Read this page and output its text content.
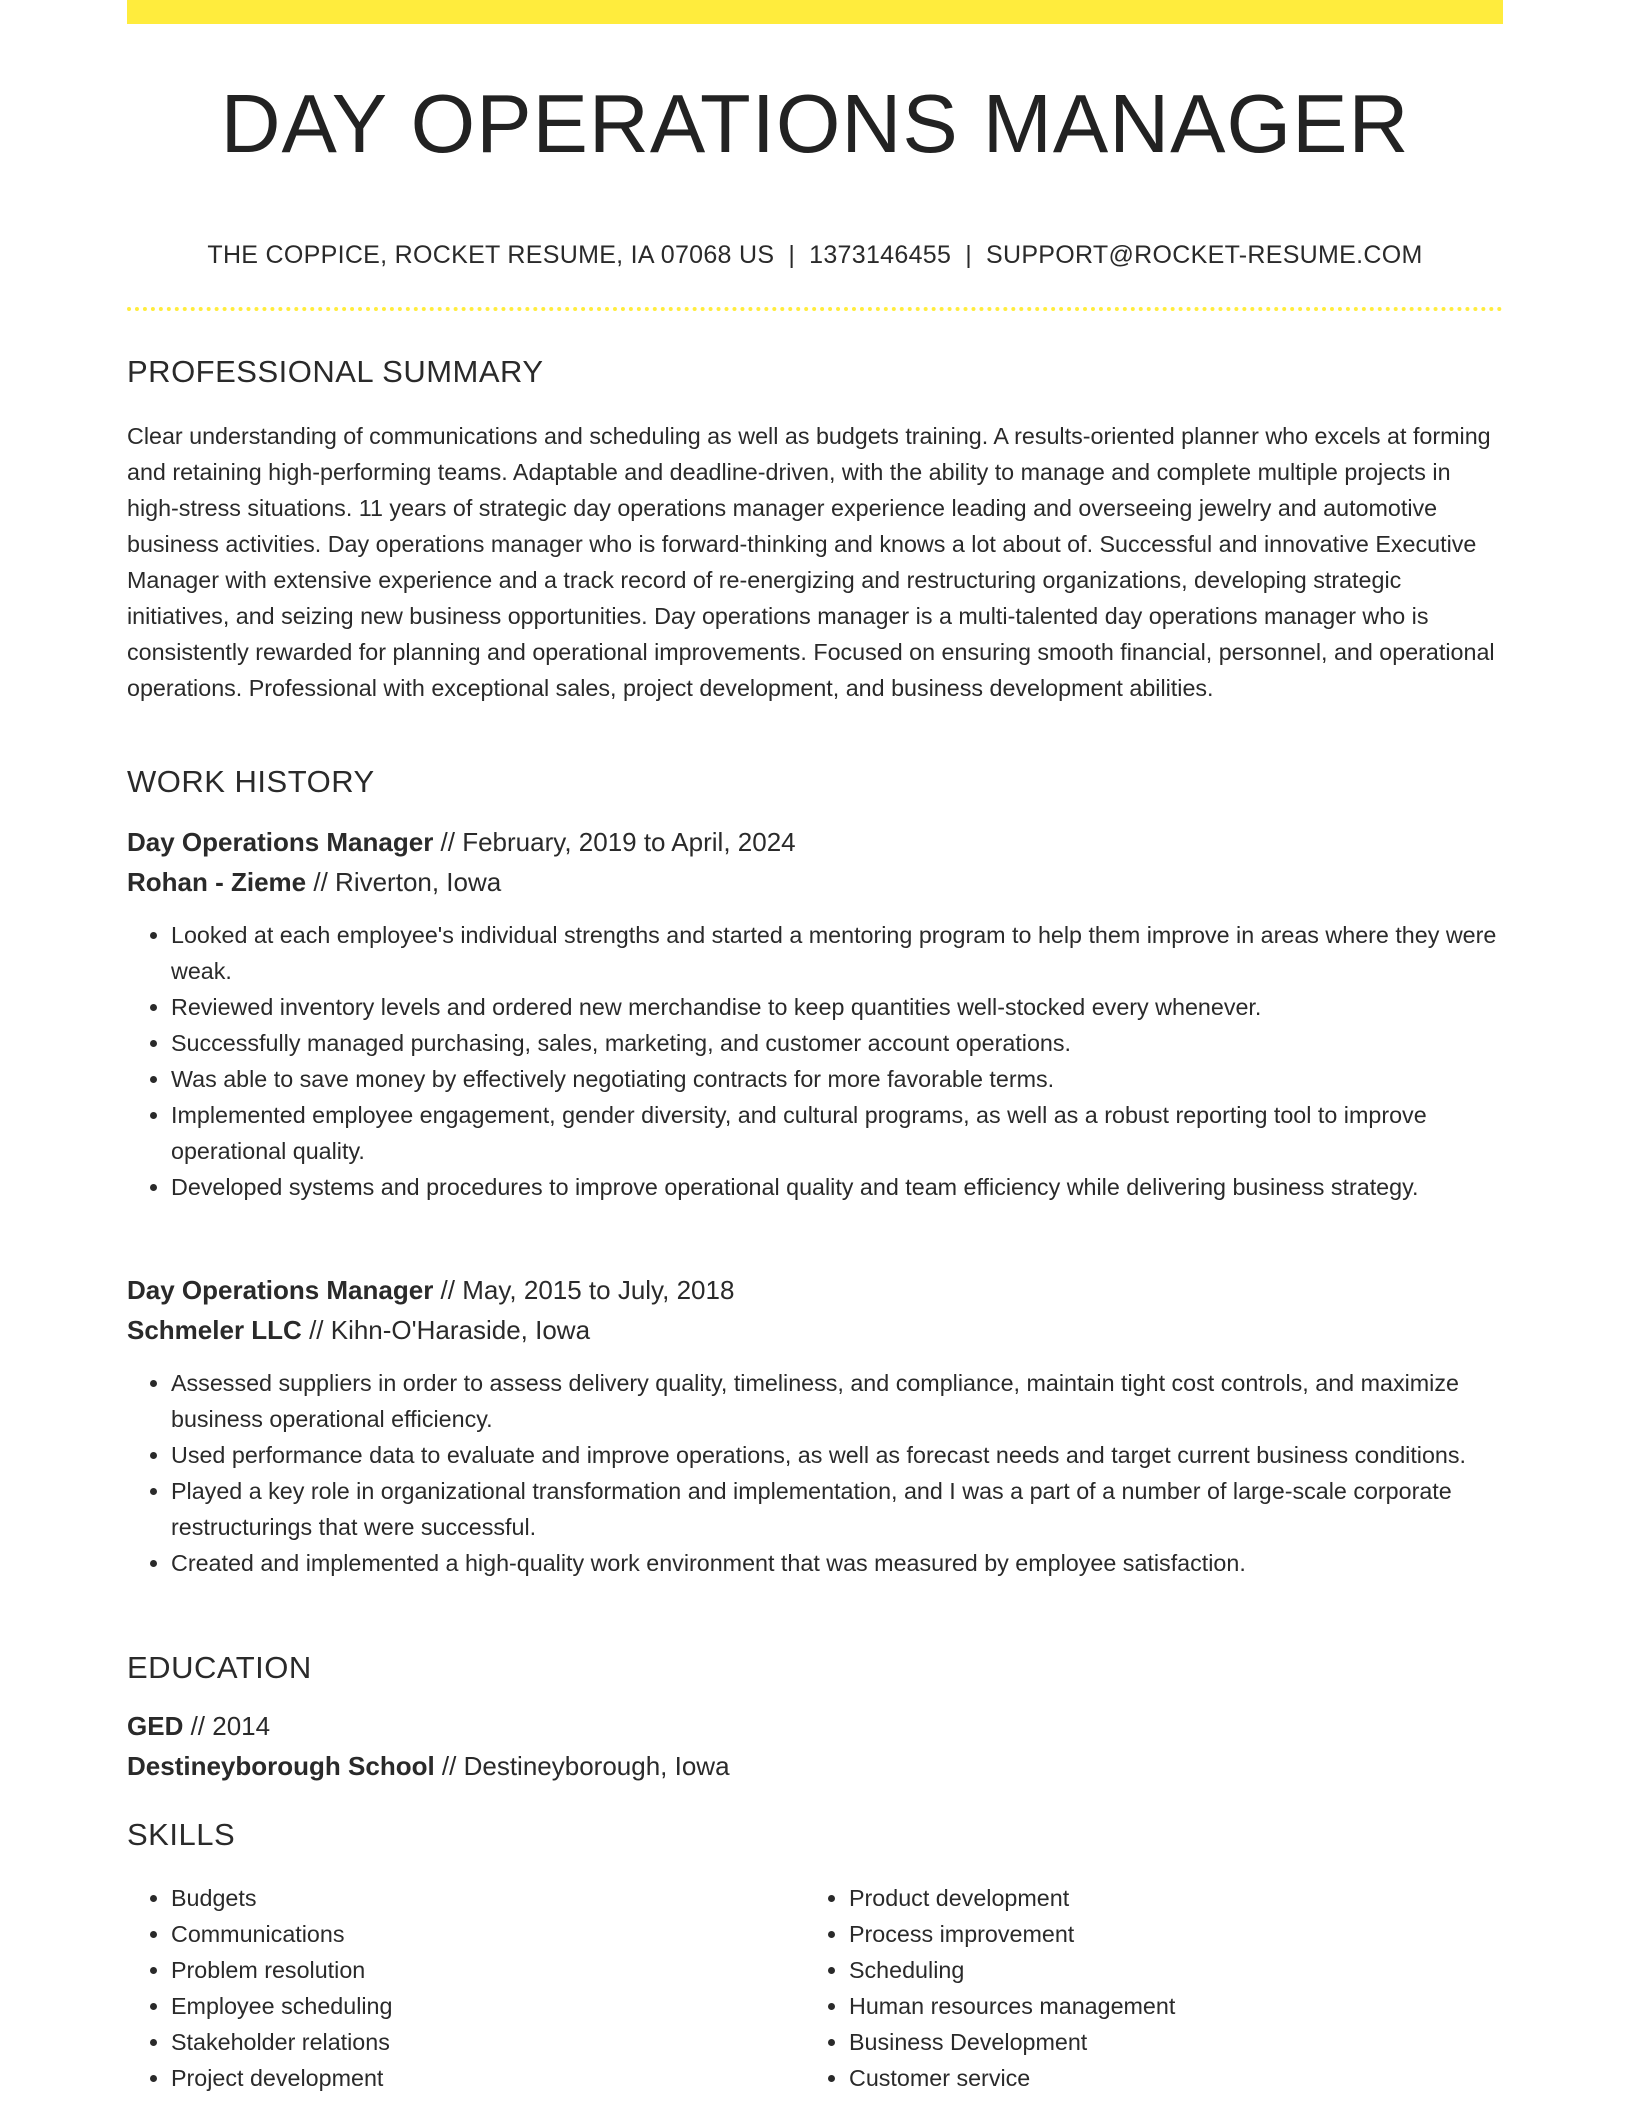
DAY OPERATIONS MANAGER
THE COPPICE, ROCKET RESUME, IA 07068 US | 1373146455 | SUPPORT@ROCKET-RESUME.COM
PROFESSIONAL SUMMARY

Clear understanding of communications and scheduling as well as budgets training. A results-oriented planner who excels at forming and retaining high-performing teams. Adaptable and deadline-driven, with the ability to manage and complete multiple projects in high-stress situations. 11 years of strategic day operations manager experience leading and overseeing jewelry and automotive business activities. Day operations manager who is forward-thinking and knows a lot about of. Successful and innovative Executive Manager with extensive experience and a track record of re-energizing and restructuring organizations, developing strategic initiatives, and seizing new business opportunities. Day operations manager is a multi-talented day operations manager who is consistently rewarded for planning and operational improvements. Focused on ensuring smooth financial, personnel, and operational operations. Professional with exceptional sales, project development, and business development abilities.

WORK HISTORY
Day Operations Manager // February, 2019 to April, 2024
Rohan - Zieme // Riverton, Iowa
• Looked at each employee's individual strengths and started a mentoring program to help them improve in areas where they were weak.
• Reviewed inventory levels and ordered new merchandise to keep quantities well-stocked every whenever.
• Successfully managed purchasing, sales, marketing, and customer account operations.
• Was able to save money by effectively negotiating contracts for more favorable terms.
• Implemented employee engagement, gender diversity, and cultural programs, as well as a robust reporting tool to improve operational quality.
• Developed systems and procedures to improve operational quality and team efficiency while delivering business strategy.
Day Operations Manager // May, 2015 to July, 2018
Schmeler LLC // Kihn-O'Haraside, Iowa
• Assessed suppliers in order to assess delivery quality, timeliness, and compliance, maintain tight cost controls, and maximize business operational efficiency.
• Used performance data to evaluate and improve operations, as well as forecast needs and target current business conditions.
• Played a key role in organizational transformation and implementation, and I was a part of a number of large-scale corporate restructurings that were successful.
• Created and implemented a high-quality work environment that was measured by employee satisfaction.
EDUCATION
GED // 2014
Destineyborough School // Destineyborough, Iowa
SKILLS
• Budgets
• Communications
• Problem resolution
• Employee scheduling
• Stakeholder relations
• Project development
• Product development
• Process improvement
• Scheduling
• Human resources management
• Business Development
• Customer service
